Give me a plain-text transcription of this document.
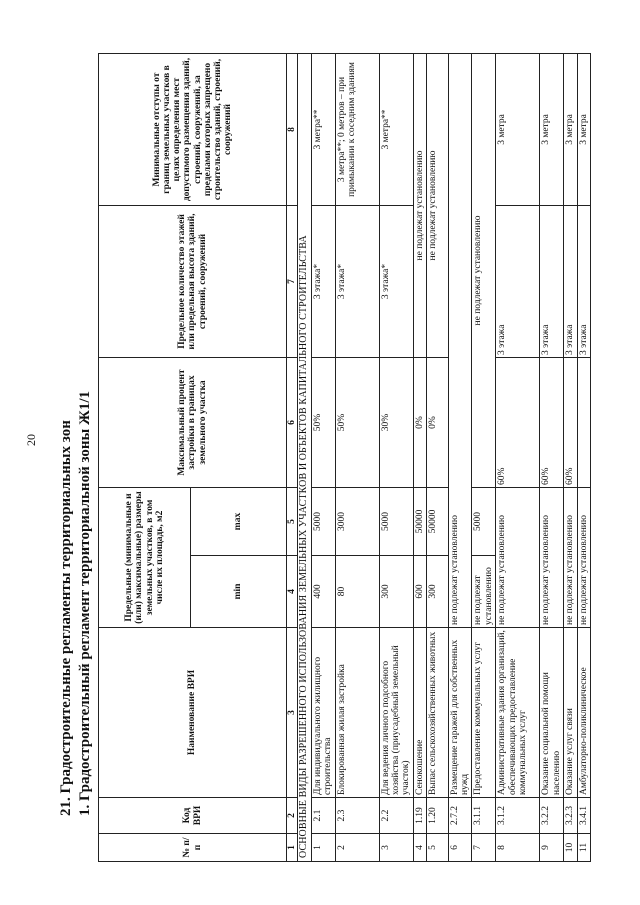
20 21. Градостроительные регламенты территориальных зон 1. Градостроительный регламент территориальной зоны Ж1/1
№ п/п	Код ВРИ	Наименование ВРИ	Предельные (минимальные и (или) максимальные) размеры земельных участков, в том числе их площадь, м2		Максимальный процент застройки в границах земельного участка	Предельное количество этажей или предельная высота зданий, строений, сооружений	Минимальные отступы от границ земельных участков в целях определения мест допустимого размещения зданий, строений, сооружений, за пределами которых запрещено строительство зданий, строений, сооружений
			min	max			
1	2	3	4	5	6	7	8
ОСНОВНЫЕ ВИДЫ РАЗРЕШЕННОГО ИСПОЛЬЗОВАНИЯ ЗЕМЕЛЬНЫХ УЧАСТКОВ И ОБЪЕКТОВ КАПИТАЛЬНОГО СТРОИТЕЛЬСТВА							
1	2.1	Для индивидуального жилищного строительства	400	5000	50%	3 этажа*	3 метра**
2	2.3	Блокированная жилая застройка	80	3000	50%	3 этажа*	3 метра**; 0 метров – при примыкании к соседним зданиям
3	2.2	Для ведения личного подсобного хозяйства (приусадебный земельный участок)	300	5000	30%	3 этажа*	3 метра**
4	1.19	Сенокошение	600	50000	0%	не подлежат установлению	
5	1.20	Выпас сельскохозяйственных животных	300	50000	0%	не подлежат установлению	
6	2.7.2	Размещение гаражей для собственных нужд	не подлежат установлению				
7	3.1.1	Предоставление коммунальных услуг	не подлежат установлению	5000	не подлежат установлению		
8	3.1.2	Административные здания организаций, обеспечивающих предоставление коммунальных услуг	не подлежат установлению		60%	3 этажа	3 метра
9	3.2.2	Оказание социальной помощи населению	не подлежат установлению		60%	3 этажа	3 метра
10	3.2.3	Оказание услуг связи	не подлежат установлению		60%	3 этажа	3 метра
11	3.4.1	Амбулаторно-поликлиническое	не подлежат установлению			3 этажа	3 метра
